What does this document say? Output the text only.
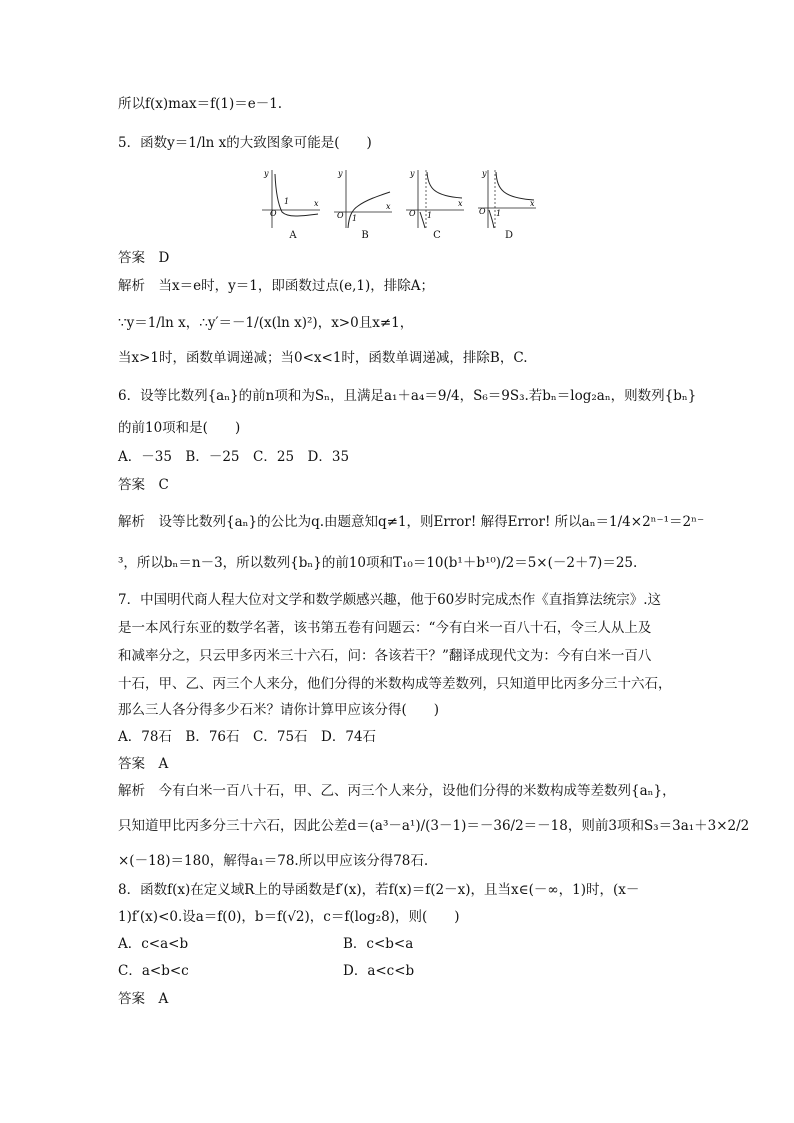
所以f(x)max＝f(1)＝e－1.
5．函数y＝1/ln x的大致图象可能是(　　)
y
x
O
1
A
y
x
O 1
B
y
x
O 1
C
y
x
O 1
D
答案　D
解析　当x＝e时，y＝1，即函数过点(e,1)，排除A；
∵y＝1/ln x，∴y′＝－1/(x(ln x)²)，x>0且x≠1，
当x>1时，函数单调递减；当0<x<1时，函数单调递减，排除B，C.
6．设等比数列{aₙ}的前n项和为Sₙ，且满足a₁＋a₄＝9/4，S₆＝9S₃.若bₙ＝log₂aₙ，则数列{bₙ}
的前10项和是(　　)
A．－35　B．－25　C．25　D．35
答案　C
解析　设等比数列{aₙ}的公比为q.由题意知q≠1，则Error! 解得Error! 所以aₙ＝1/4×2ⁿ⁻¹＝2ⁿ⁻
³，所以bₙ＝n－3，所以数列{bₙ}的前10项和T₁₀＝10(b¹＋b¹⁰)/2＝5×(－2＋7)＝25.
7．中国明代商人程大位对文学和数学颇感兴趣，他于60岁时完成杰作《直指算法统宗》.这
是一本风行东亚的数学名著，该书第五卷有问题云：“今有白米一百八十石，令三人从上及
和减率分之，只云甲多丙米三十六石，问：各该若干？”翻译成现代文为：今有白米一百八
十石，甲、乙、丙三个人来分，他们分得的米数构成等差数列，只知道甲比丙多分三十六石，
那么三人各分得多少石米？请你计算甲应该分得(　　)
A．78石　B．76石　C．75石　D．74石
答案　A
解析　今有白米一百八十石，甲、乙、丙三个人来分，设他们分得的米数构成等差数列{aₙ}，
只知道甲比丙多分三十六石，因此公差d＝(a³－a¹)/(3－1)＝－36/2＝－18，则前3项和S₃＝3a₁＋3×2/2
×(－18)＝180，解得a₁＝78.所以甲应该分得78石.
8．函数f(x)在定义域R上的导函数是f′(x)，若f(x)＝f(2－x)，且当x∈(－∞，1)时，(x－
1)f′(x)<0.设a＝f(0)，b＝f(√2)，c＝f(log₂8)，则(　　)
A．c<a<b	B．c<b<a
C．a<b<c	D．a<c<b
答案　A
